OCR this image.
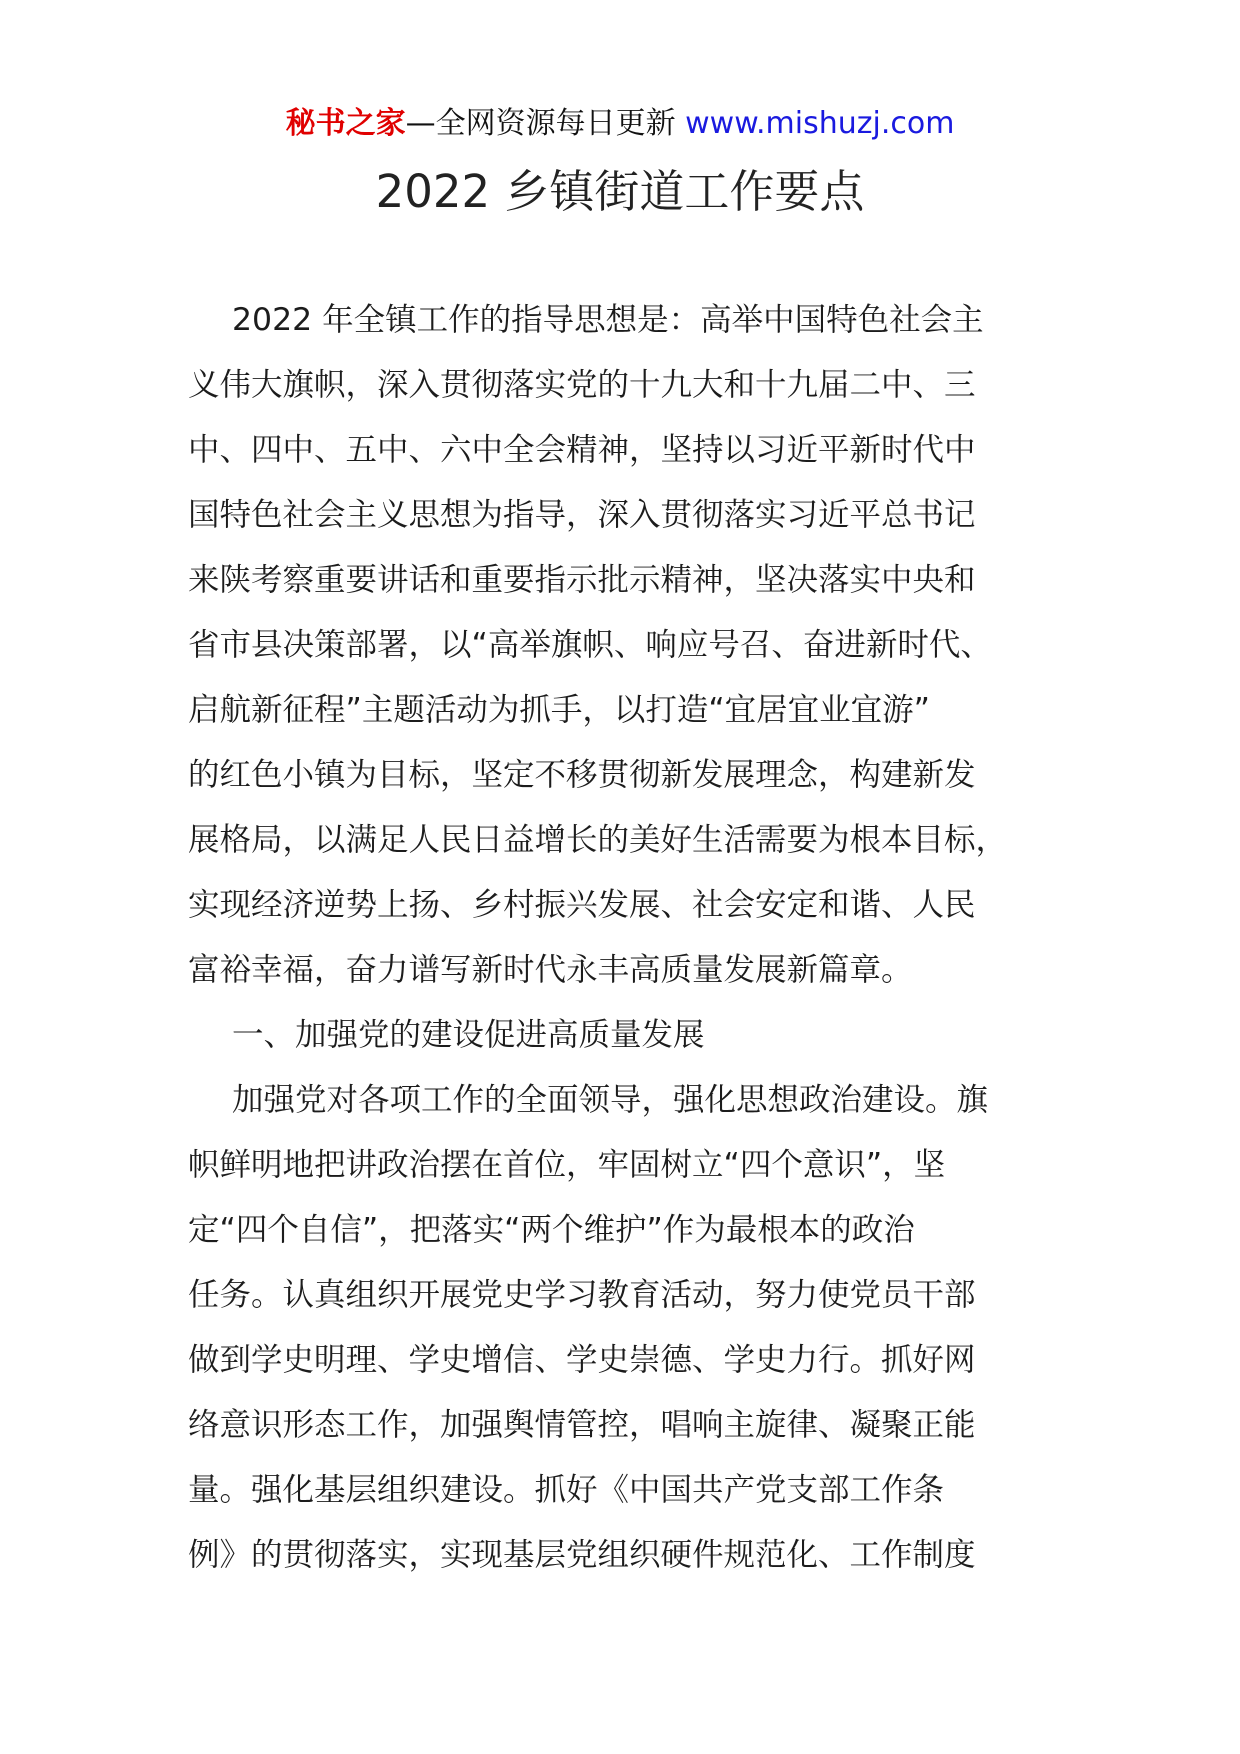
秘书之家—全网资源每日更新 www.mishuzj.com
2022 乡镇街道工作要点
2022 年全镇工作的指导思想是：高举中国特色社会主
义伟大旗帜，深入贯彻落实党的十九大和十九届二中、三
中、四中、五中、六中全会精神，坚持以习近平新时代中
国特色社会主义思想为指导，深入贯彻落实习近平总书记
来陕考察重要讲话和重要指示批示精神，坚决落实中央和
省市县决策部署，以“高举旗帜、响应号召、奋进新时代、
启航新征程”主题活动为抓手，以打造“宜居宜业宜游”
的红色小镇为目标，坚定不移贯彻新发展理念，构建新发
展格局，以满足人民日益增长的美好生活需要为根本目标，
实现经济逆势上扬、乡村振兴发展、社会安定和谐、人民
富裕幸福，奋力谱写新时代永丰高质量发展新篇章。
一、加强党的建设促进高质量发展
加强党对各项工作的全面领导，强化思想政治建设。旗
帜鲜明地把讲政治摆在首位，牢固树立“四个意识”，坚
定“四个自信”，把落实“两个维护”作为最根本的政治
任务。认真组织开展党史学习教育活动，努力使党员干部
做到学史明理、学史增信、学史崇德、学史力行。抓好网
络意识形态工作，加强舆情管控，唱响主旋律、凝聚正能
量。强化基层组织建设。抓好《中国共产党支部工作条
例》的贯彻落实，实现基层党组织硬件规范化、工作制度
